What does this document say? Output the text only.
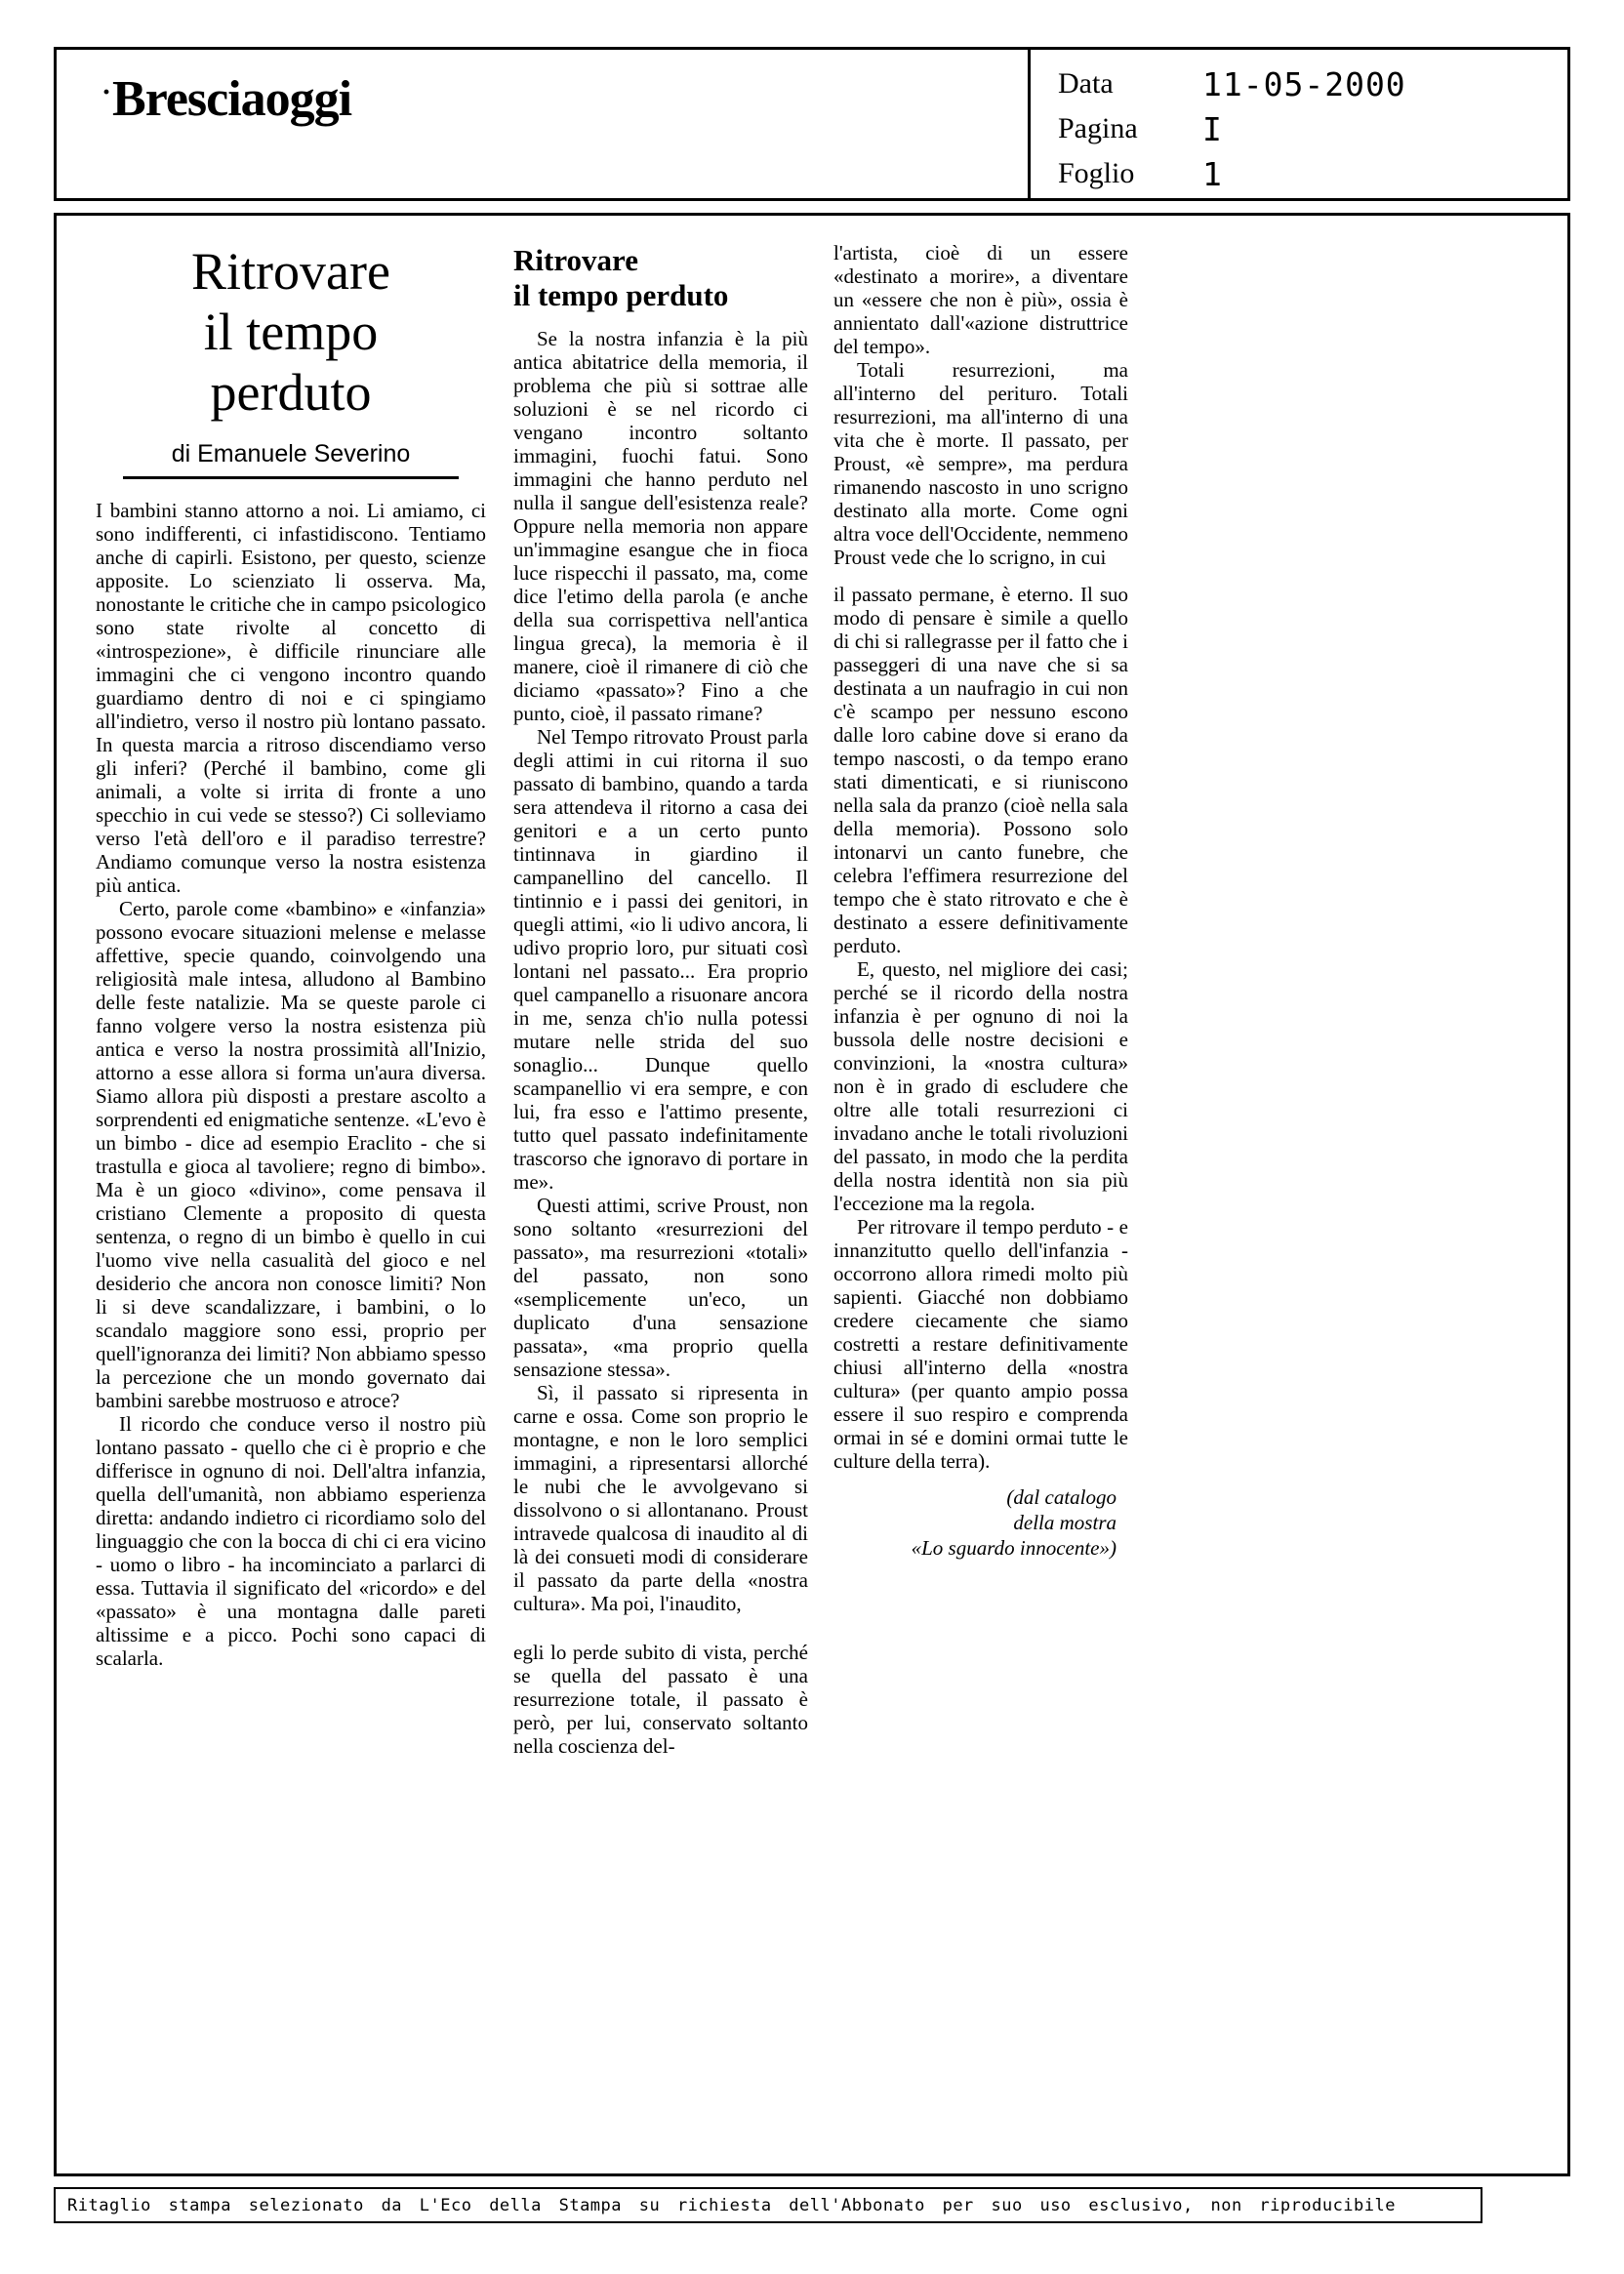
·Bresciaoggi	Data	11-05-2000
Pagina	I
Foglio	1
Ritrovare
il tempo
perduto
di Emanuele Severino

I bambini stanno attorno a noi. Li amiamo, ci sono indifferenti, ci infastidiscono. Tentiamo anche di capirli. Esistono, per questo, scienze apposite. Lo scienziato li osserva. Ma, nonostante le critiche che in campo psicologico sono state rivolte al concetto di «introspezione», è difficile rinunciare alle immagini che ci vengono incontro quando guardiamo dentro di noi e ci spingiamo all'indietro, verso il nostro più lontano passato. In questa marcia a ritroso discendiamo verso gli inferi? (Perché il bambino, come gli animali, a volte si irrita di fronte a uno specchio in cui vede se stesso?) Ci solleviamo verso l'età dell'oro e il paradiso terrestre? Andiamo comunque verso la nostra esistenza più antica.

Certo, parole come «bambino» e «infanzia» possono evocare situazioni melense e melasse affettive, specie quando, coinvolgendo una religiosità male intesa, alludono al Bambino delle feste natalizie. Ma se queste parole ci fanno volgere verso la nostra esistenza più antica e verso la nostra prossimità all'Inizio, attorno a esse allora si forma un'aura diversa. Siamo allora più disposti a prestare ascolto a sorprendenti ed enigmatiche sentenze. «L'evo è un bimbo - dice ad esempio Eraclito - che si trastulla e gioca al tavoliere; regno di bimbo». Ma è un gioco «divino», come pensava il cristiano Clemente a proposito di questa sentenza, o regno di un bimbo è quello in cui l'uomo vive nella casualità del gioco e nel desiderio che ancora non conosce limiti? Non li si deve scandalizzare, i bambini, o lo scandalo maggiore sono essi, proprio per quell'ignoranza dei limiti? Non abbiamo spesso la percezione che un mondo governato dai bambini sarebbe mostruoso e atroce?

Il ricordo che conduce verso il nostro più lontano passato - quello che ci è proprio e che differisce in ognuno di noi. Dell'altra infanzia, quella dell'umanità, non abbiamo esperienza diretta: andando indietro ci ricordiamo solo del linguaggio che con la bocca di chi ci era vicino - uomo o libro - ha incominciato a parlarci di essa. Tuttavia il significato del «ricordo» e del «passato» è una montagna dalle pareti altissime e a picco. Pochi sono capaci di scalarla.

Ritrovare
il tempo perduto

Se la nostra infanzia è la più antica abitatrice della memoria, il problema che più si sottrae alle soluzioni è se nel ricordo ci vengano incontro soltanto immagini, fuochi fatui. Sono immagini che hanno perduto nel nulla il sangue dell'esistenza reale? Oppure nella memoria non appare un'immagine esangue che in fioca luce rispecchi il passato, ma, come dice l'etimo della parola (e anche della sua corrispettiva nell'antica lingua greca), la memoria è il manere, cioè il rimanere di ciò che diciamo «passato»? Fino a che punto, cioè, il passato rimane?

Nel Tempo ritrovato Proust parla degli attimi in cui ritorna il suo passato di bambino, quando a tarda sera attendeva il ritorno a casa dei genitori e a un certo punto tintinnava in giardino il campanellino del cancello. Il tintinnio e i passi dei genitori, in quegli attimi, «io li udivo ancora, li udivo proprio loro, pur situati così lontani nel passato... Era proprio quel campanello a risuonare ancora in me, senza ch'io nulla potessi mutare nelle strida del suo sonaglio... Dunque quello scampanellio vi era sempre, e con lui, fra esso e l'attimo presente, tutto quel passato indefinitamente trascorso che ignoravo di portare in me».

Questi attimi, scrive Proust, non sono soltanto «resurrezioni del passato», ma resurrezioni «totali» del passato, non sono «semplicemente un'eco, un duplicato d'una sensazione passata», «ma proprio quella sensazione stessa».

Sì, il passato si ripresenta in carne e ossa. Come son proprio le montagne, e non le loro semplici immagini, a ripresentarsi allorché le nubi che le avvolgevano si dissolvono o si allontanano. Proust intravede qualcosa di inaudito al di là dei consueti modi di considerare il passato da parte della «nostra cultura». Ma poi, l'inaudito,

egli lo perde subito di vista, perché se quella del passato è una resurrezione totale, il passato è però, per lui, conservato soltanto nella coscienza del-

l'artista, cioè di un essere «destinato a morire», a diventare un «essere che non è più», ossia è annientato dall'«azione distruttrice del tempo».

Totali resurrezioni, ma all'interno del perituro. Totali resurrezioni, ma all'interno di una vita che è morte. Il passato, per Proust, «è sempre», ma perdura rimanendo nascosto in uno scrigno destinato alla morte. Come ogni altra voce dell'Occidente, nemmeno Proust vede che lo scrigno, in cui

il passato permane, è eterno. Il suo modo di pensare è simile a quello di chi si rallegrasse per il fatto che i passeggeri di una nave che si sa destinata a un naufragio in cui non c'è scampo per nessuno escono dalle loro cabine dove si erano da tempo nascosti, o da tempo erano stati dimenticati, e si riuniscono nella sala da pranzo (cioè nella sala della memoria). Possono solo intonarvi un canto funebre, che celebra l'effimera resurrezione del tempo che è stato ritrovato e che è destinato a essere definitivamente perduto.

E, questo, nel migliore dei casi; perché se il ricordo della nostra infanzia è per ognuno di noi la bussola delle nostre decisioni e convinzioni, la «nostra cultura» non è in grado di escludere che oltre alle totali resurrezioni ci invadano anche le totali rivoluzioni del passato, in modo che la perdita della nostra identità non sia più l'eccezione ma la regola.

Per ritrovare il tempo perduto - e innanzitutto quello dell'infanzia - occorrono allora rimedi molto più sapienti. Giacché non dobbiamo credere ciecamente che siamo costretti a restare definitivamente chiusi all'interno della «nostra cultura» (per quanto ampio possa essere il suo respiro e comprenda ormai in sé e domini ormai tutte le culture della terra).

(dal catalogo
della mostra
«Lo sguardo innocente»)
Ritaglio stampa selezionato da L'Eco della Stampa su richiesta dell'Abbonato per suo uso esclusivo, non riproducibile
